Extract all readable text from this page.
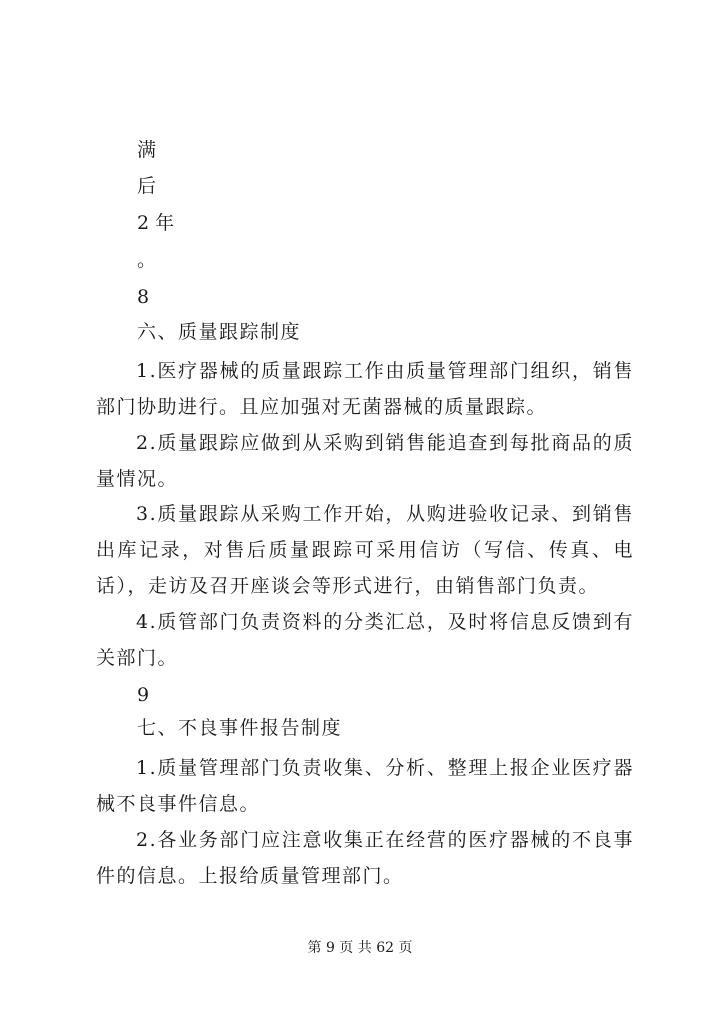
满
后
2 年
。
8
六、质量跟踪制度
1.医疗器械的质量跟踪工作由质量管理部门组织，销售部门协助进行。且应加强对无菌器械的质量跟踪。
2.质量跟踪应做到从采购到销售能追查到每批商品的质量情况。
3.质量跟踪从采购工作开始，从购进验收记录、到销售出库记录，对售后质量跟踪可采用信访（写信、传真、电话），走访及召开座谈会等形式进行，由销售部门负责。
4.质管部门负责资料的分类汇总，及时将信息反馈到有关部门。
9
七、不良事件报告制度
1.质量管理部门负责收集、分析、整理上报企业医疗器械不良事件信息。
2.各业务部门应注意收集正在经营的医疗器械的不良事件的信息。上报给质量管理部门。
第 9 页 共 62 页
